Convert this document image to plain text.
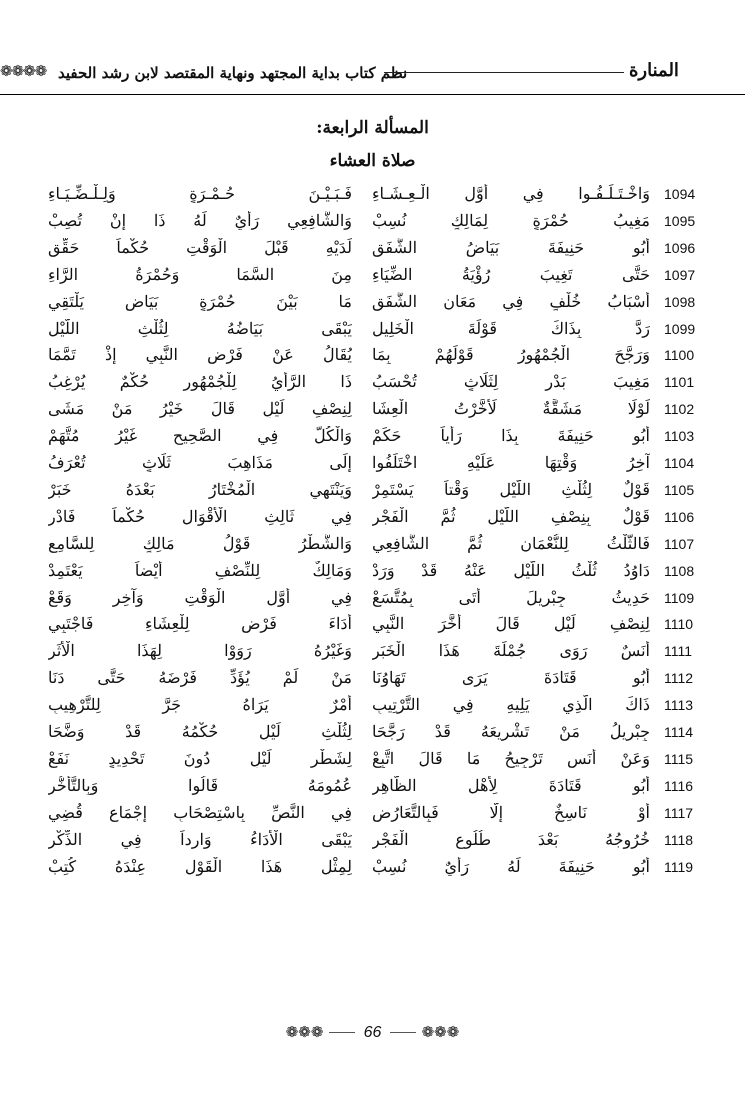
❁❁❁❁ نظم كتاب بداية المجتهد ونهاية المقتصد لابن رشد الحفيد	المنارة
المسألة الرابعة:
صلاة العشاء
1094
وَاخْـتَـلَـفُـوا فِي أَوَّلِ الْـعِـشَـاءِ
فَـبَـيْـنَ حُـمْـرَةٍ وَلِـلْـضِّـيَـاءِ
1095
مَغِيبُ حُمْرَةٍ لِمَالِكٍ نُسِبْ
وَالشَّافِعِي رَأْيٌ لَهُ ذَا إِنْ تُصِبْ
1096
أَبُو حَنِيفَةَ بَيَاضُ الشَّفَقِ
لَدَيْهِ قَبْلَ الْوَقْتِ حُكْماً حَقِّقِ
1097
حَتَّى تَغِيبَ رُؤْيَةُ الضِّيَاءِ
مِنَ السَّمَا وَحُمْرَةُ الرَّاءِ
1098
أَسْبَابُ خُلْفٍ فِي مَعَانِ الشَّفَقِ
مَا بَيْنَ حُمْرَةٍ بَيَاضٍ يَلْتَقِي
1099
رَدَّ بِذَاكَ قَوْلَةَ الْخَلِيلِ
يَبْقَى بَيَاضُهُ لِثُلْثِ اللَّيْلِ
1100
وَرَجَّحَ الْجُمْهُورُ قَوْلَهُمْ بِمَا
يُقَالُ عَنْ فَرْضِ النَّبِي إِذْ تَمَّمَا
1101
مَغِيبَ بَدْرٍ لِثَلَاثٍ تُحْسَبُ
ذَا الرَّأْيُ لِلْجُمْهُورِ حُكْمٌ يُرْغِبُ
1102
لَوْلَا مَشَقَّةٌ لَأَخَّرْتُ الْعِشَا
لِنِصْفِ لَيْلٍ قَالَ خَيْرُ مَنْ مَشَى
1103
أَبُو حَنِيفَةَ بِذَا رَأْياً حَكَمْ
وَالْكُلُّ فِي الصَّحِيحِ غَيْرُ مُتَّهَمْ
1104
آخِرُ وَقْتِهَا عَلَيْهِ اخْتَلَفُوا
إِلَى مَذَاهِبَ ثَلَاثٍ تُعْرَفُ
1105
قَوْلٌ لِثُلْثِ اللَّيْلِ وَقْتاً يَسْتَمِرْ
وَيَنْتَهِي الْمُخْتَارُ بَعْدَهُ خَبَرْ
1106
قَوْلٌ بِنِصْفِ اللَّيْلِ ثُمَّ الْفَجْرِ
فِي ثَالِثِ الْأَقْوَالِ حُكْماً فَادْرِ
1107
فَالثُّلْثُ لِلنُّعْمَانِ ثُمَّ الشَّافِعِي
وَالشَّطْرُ قَوْلُ مَالِكٍ لِلسَّامِعِ
1108
دَاوُدُ ثُلْثُ اللَّيْلِ عَنْهُ قَدْ وَرَدْ
وَمَالِكٌ لِلنِّصْفِ أَيْضاً يَعْتَمِدْ
1109
حَدِيثُ جِبْرِيلَ أَتَى بِمُتَّسَعْ
فِي أَوَّلِ الْوَقْتِ وَآخِرٍ وَقَعْ
1110
لِنِصْفِ لَيْلٍ قَالَ أَخَّرَ النَّبِي
أَدَاءَ فَرْضِ لِلْعِشَاءِ فَاجْتَبِي
1111
أَنَسٌ رَوَى جُمْلَةَ هَذَا الْخَبَرِ
وَغَيْرُهُ رَوَوْا لِهَذَا الْأَثَرِ
1112
أَبُو قَتَادَةَ يَرَى تَهَاوُنَا
مَنْ لَمْ يُؤَدِّ فَرْضَهُ حَتَّى دَنَا
1113
ذَاكَ الَّذِي يَلِيهِ فِي التَّرْتِيبِ
أَمْرٌ يَرَاهُ جَرَّ لِلتَّرْهِيبِ
1114
جِبْرِيلُ مَنْ تَشْرِيعَهُ قَدْ رَجَّحَا
لِثُلْثِ لَيْلٍ حُكْمُهُ قَدْ وَضَّحَا
1115
وَعَنْ أَنَسٍ تَرْجِيحُ مَا قَالَ اتَّبِعْ
لِشَطْرِ لَيْلٍ دُونَ تَحْدِيدٍ نَفَعْ
1116
أَبُو قَتَادَةَ لِأَهْلِ الظَّاهِرِ
عُمُومَهُ قَالُوا وَبِالتَّأَخُّرِ
1117
أَوْ نَاسِخٌ إِلَّا فَبِالتَّعَارُضِ
فِي النَّصِّ بِاسْتِصْحَابِ إِجْمَاعٍ قُضِي
1118
خُرُوجُهُ بَعْدَ طُلُوعِ الْفَجْرِ
يَبْقَى الْأَدَاءُ وَارِداً فِي الذِّكْرِ
1119
أَبُو حَنِيفَةَ لَهُ رَأْيٌ نُسِبْ
لِمِثْلِ هَذَا الْقَوْلِ عِنْدَهُ كُتِبْ
❁❁❁	66	❁❁❁
